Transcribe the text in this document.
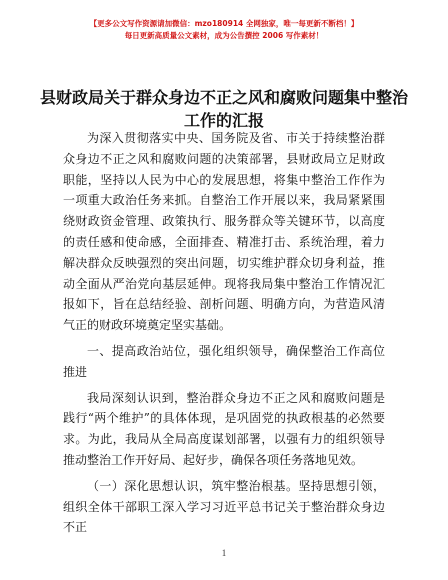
【更多公文写作资源请加微信：mzo180914 全网独家，唯一每更新不断档！】
每日更新高质量公文素材，成为公告撰控 2006 写作素材！
县财政局关于群众身边不正之风和腐败问题集中整治工作的汇报

为深入贯彻落实中央、国务院及省、市关于持续整治群众身边不正之风和腐败问题的决策部署，县财政局立足财政职能，坚持以人民为中心的发展思想，将集中整治工作作为一项重大政治任务来抓。自整治工作开展以来，我局紧紧围绕财政资金管理、政策执行、服务群众等关键环节，以高度的责任感和使命感，全面排查、精准打击、系统治理，着力解决群众反映强烈的突出问题，切实维护群众切身利益，推动全面从严治党向基层延伸。现将我局集中整治工作情况汇报如下，旨在总结经验、剖析问题、明确方向，为营造风清气正的财政环境奠定坚实基础。

一、提高政治站位，强化组织领导，确保整治工作高位推进

我局深刻认识到，整治群众身边不正之风和腐败问题是践行“两个维护”的具体体现，是巩固党的执政根基的必然要求。为此，我局从全局高度谋划部署，以强有力的组织领导推动整治工作开好局、起好步，确保各项任务落地见效。

（一）深化思想认识，筑牢整治根基。坚持思想引领，组织全体干部职工深入学习习近平总书记关于整治群众身边不正

1
